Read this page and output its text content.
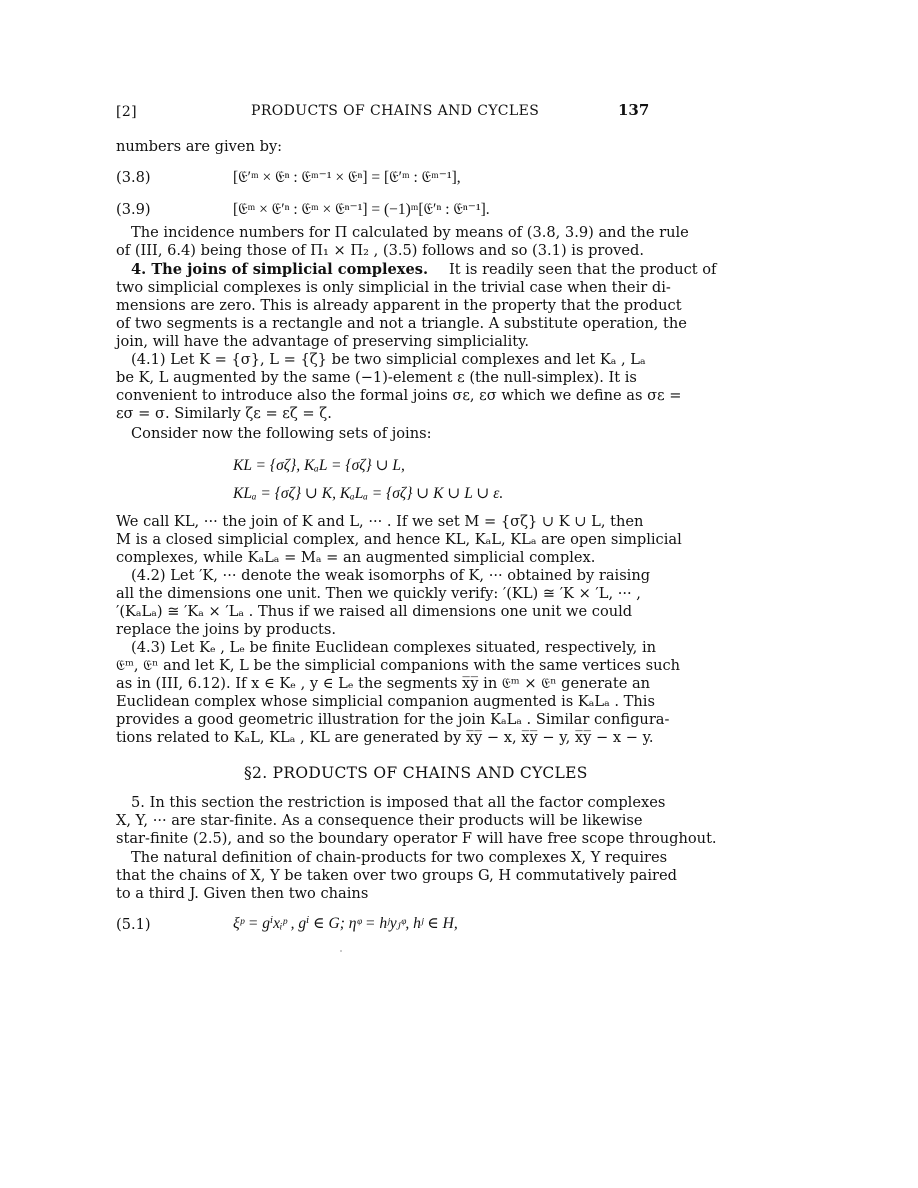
[2]	PRODUCTS OF CHAINS AND CYCLES	137
numbers are given by:
(3.8)	[𝔈′ᵐ × 𝔈ⁿ : 𝔈ᵐ⁻¹ × 𝔈ⁿ] = [𝔈′ᵐ : 𝔈ᵐ⁻¹],
(3.9)	[𝔈ᵐ × 𝔈′ⁿ : 𝔈ᵐ × 𝔈ⁿ⁻¹] = (−1)ᵐ[𝔈′ⁿ : 𝔈ⁿ⁻¹].
The incidence numbers for Π calculated by means of (3.8, 3.9) and the rule
of (III, 6.4) being those of Π₁ × Π₂ , (3.5) follows and so (3.1) is proved.
4. The joins of simplicial complexes. It is readily seen that the product of
two simplicial complexes is only simplicial in the trivial case when their di-
mensions are zero. This is already apparent in the property that the product
of two segments is a rectangle and not a triangle. A substitute operation, the
join, will have the advantage of preserving simpliciality.
(4.1) Let K = {σ}, L = {ζ} be two simplicial complexes and let Kₐ , Lₐ
be K, L augmented by the same (−1)-element ε (the null-simplex). It is
convenient to introduce also the formal joins σε, εσ which we define as σε =
εσ = σ. Similarly ζε = εζ = ζ.
Consider now the following sets of joins:
KL = {σζ}, KₐL = {σζ} ∪ L,
KLₐ = {σζ} ∪ K, KₐLₐ = {σζ} ∪ K ∪ L ∪ ε.
We call KL, ··· the join of K and L, ··· . If we set M = {σζ} ∪ K ∪ L, then
M is a closed simplicial complex, and hence KL, KₐL, KLₐ are open simplicial
complexes, while KₐLₐ = Mₐ = an augmented simplicial complex.
(4.2) Let ′K, ··· denote the weak isomorphs of K, ··· obtained by raising
all the dimensions one unit. Then we quickly verify: ′(KL) ≅ ′K × ′L, ··· ,
′(KₐLₐ) ≅ ′Kₐ × ′Lₐ . Thus if we raised all dimensions one unit we could
replace the joins by products.
(4.3) Let Kₑ , Lₑ be finite Euclidean complexes situated, respectively, in
𝔈ᵐ, 𝔈ⁿ and let K, L be the simplicial companions with the same vertices such
as in (III, 6.12). If x ∈ Kₑ , y ∈ Lₑ the segments x̅y̅ in 𝔈ᵐ × 𝔈ⁿ generate an
Euclidean complex whose simplicial companion augmented is KₐLₐ . This
provides a good geometric illustration for the join KₐLₐ . Similar configura-
tions related to KₐL, KLₐ , KL are generated by x̅y̅ − x, x̅y̅ − y, x̅y̅ − x − y.
§2. PRODUCTS OF CHAINS AND CYCLES
5. In this section the restriction is imposed that all the factor complexes
X, Y, ··· are star-finite. As a consequence their products will be likewise
star-finite (2.5), and so the boundary operator F will have free scope throughout.
The natural definition of chain-products for two complexes X, Y requires
that the chains of X, Y be taken over two groups G, H commutatively paired
to a third J. Given then two chains
(5.1)	ξᵖ = gⁱxᵢᵖ , gⁱ ∈ G; ηᵠ = hʲyⱼᵠ, hʲ ∈ H,
